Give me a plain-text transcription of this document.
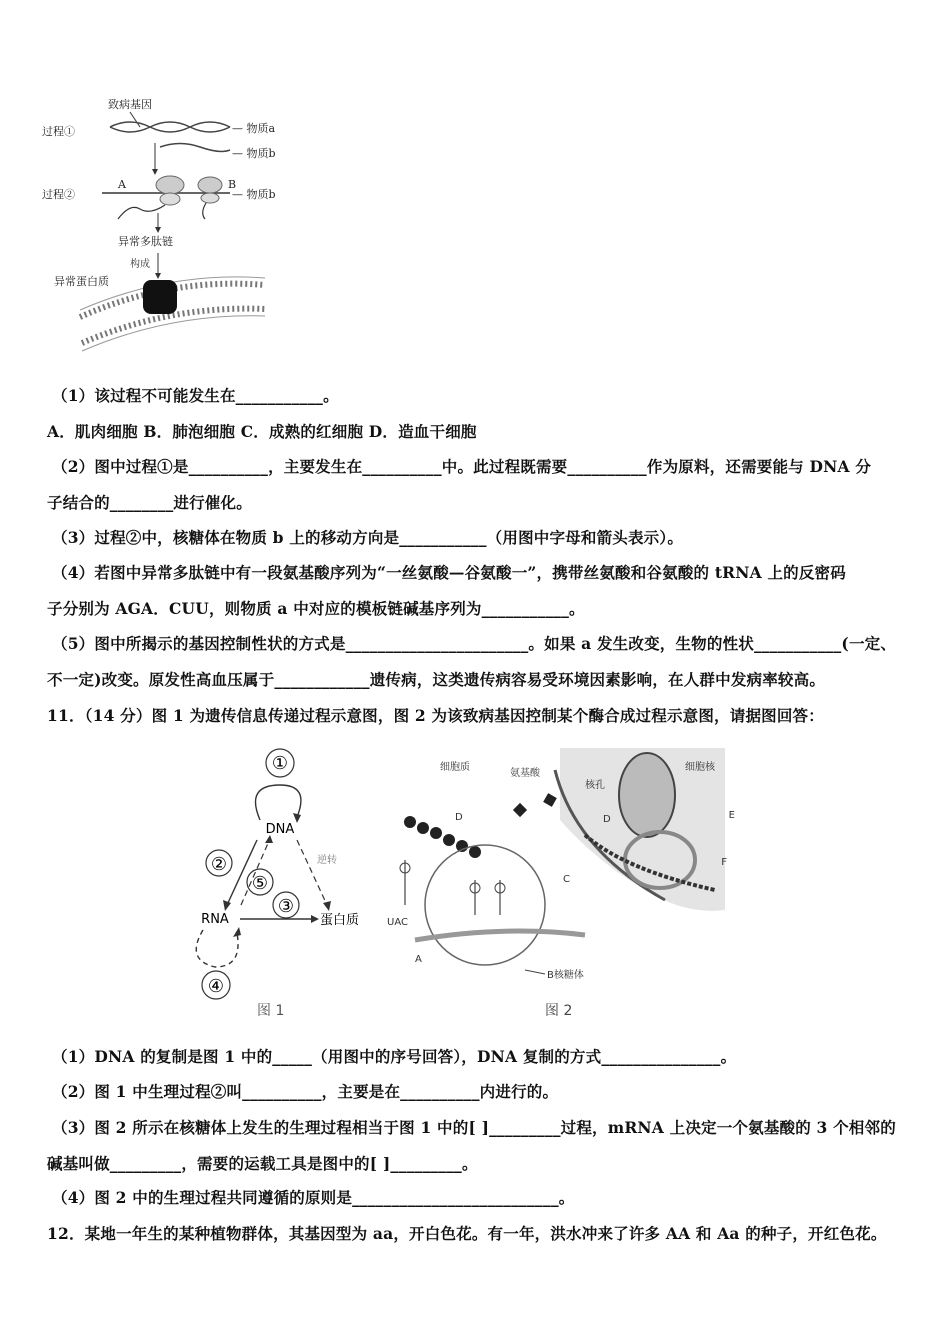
致病基因
过程①	— 物质a
— 物质b
过程②
A	B
— 物质b
异常多肽链
构成
异常蛋白质
（1）该过程不可能发生在___________。
A．肌肉细胞 B．肺泡细胞 C．成熟的红细胞 D．造血干细胞
（2）图中过程①是__________，主要发生在__________中。此过程既需要__________作为原料，还需要能与 DNA 分
子结合的________进行催化。
（3）过程②中，核糖体在物质 b 上的移动方向是___________（用图中字母和箭头表示）。
（4）若图中异常多肽链中有一段氨基酸序列为“一丝氨酸—谷氨酸一”，携带丝氨酸和谷氨酸的 tRNA 上的反密码
子分别为 AGA．CUU，则物质 a 中对应的模板链碱基序列为___________。
（5）图中所揭示的基因控制性状的方式是_______________________。如果 a 发生改变，生物的性状___________(一定、
不一定)改变。原发性高血压属于____________遗传病，这类遗传病容易受环境因素影响，在人群中发病率较高。
11．（14 分）图 1 为遗传信息传递过程示意图，图 2 为该致病基因控制某个酶合成过程示意图，请据图回答：
①
DNA
逆转
②
⑤
③
RNA	蛋白质
④
图 1
细胞核
核孔
细胞质
氨基酸
D	E
F
D
UAC
C
A
B核糖体
图 2
（1）DNA 的复制是图 1 中的_____（用图中的序号回答），DNA 复制的方式_______________。
（2）图 1 中生理过程②叫__________，主要是在__________内进行的。
（3）图 2 所示在核糖体上发生的生理过程相当于图 1 中的[ ]_________过程，mRNA 上决定一个氨基酸的 3 个相邻的
碱基叫做_________，需要的运载工具是图中的[ ]_________。
（4）图 2 中的生理过程共同遵循的原则是__________________________。
12．某地一年生的某种植物群体，其基因型为 aa，开白色花。有一年，洪水冲来了许多 AA 和 Aa 的种子，开红色花。
